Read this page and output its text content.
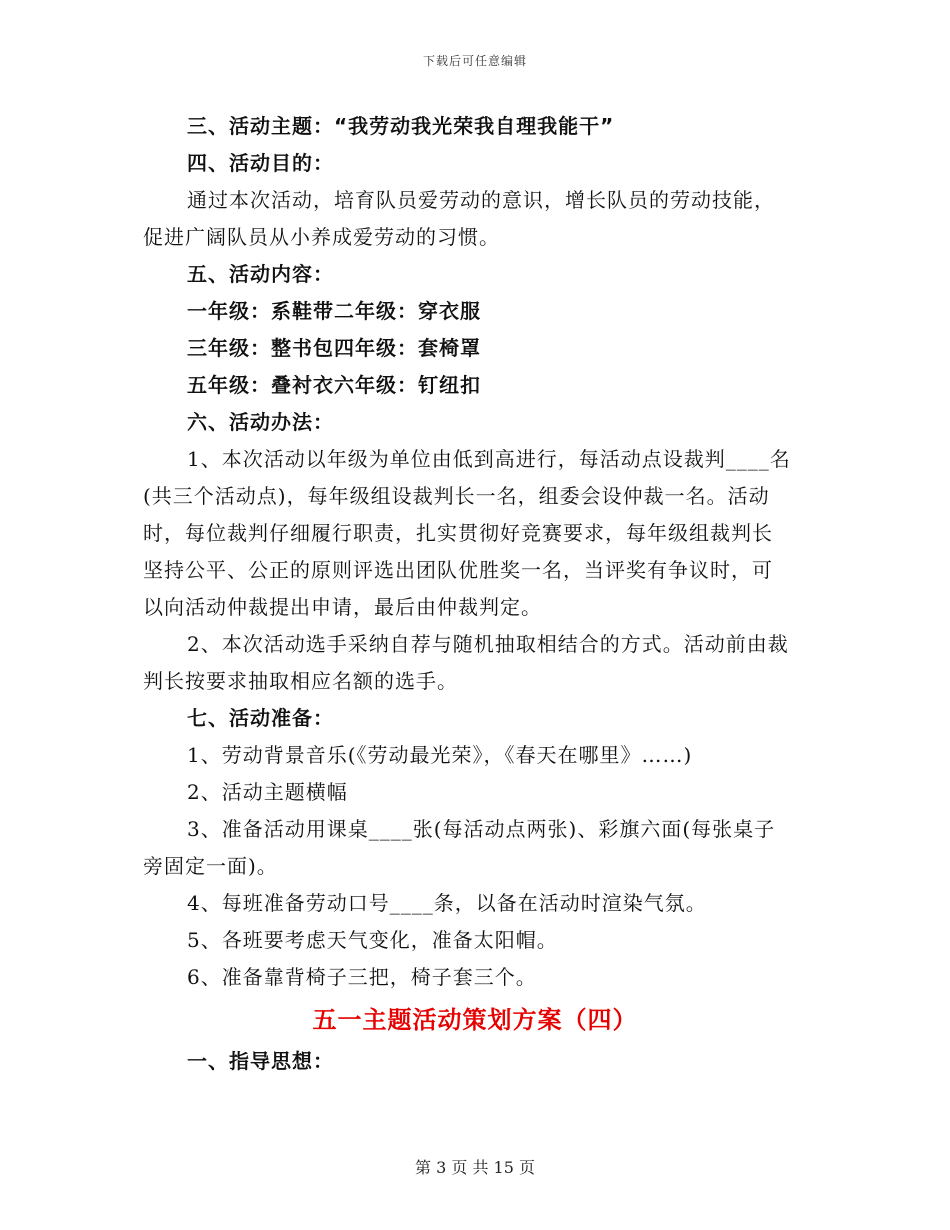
下载后可任意编辑
三、活动主题：“我劳动我光荣我自理我能干”
四、活动目的：
通过本次活动，培育队员爱劳动的意识，增长队员的劳动技能，
促进广阔队员从小养成爱劳动的习惯。
五、活动内容：
一年级：系鞋带二年级：穿衣服
三年级：整书包四年级：套椅罩
五年级：叠衬衣六年级：钉纽扣
六、活动办法：
1、本次活动以年级为单位由低到高进行，每活动点设裁判____名
(共三个活动点)，每年级组设裁判长一名，组委会设仲裁一名。活动
时，每位裁判仔细履行职责，扎实贯彻好竞赛要求，每年级组裁判长
坚持公平、公正的原则评选出团队优胜奖一名，当评奖有争议时，可
以向活动仲裁提出申请，最后由仲裁判定。
2、本次活动选手采纳自荐与随机抽取相结合的方式。活动前由裁
判长按要求抽取相应名额的选手。
七、活动准备：
1、劳动背景音乐(《劳动最光荣》，《春天在哪里》……)
2、活动主题横幅
3、准备活动用课桌____张(每活动点两张)、彩旗六面(每张桌子
旁固定一面)。
4、每班准备劳动口号____条，以备在活动时渲染气氛。
5、各班要考虑天气变化，准备太阳帽。
6、准备靠背椅子三把，椅子套三个。
五一主题活动策划方案（四）
一、指导思想：
第 3 页 共 15 页
